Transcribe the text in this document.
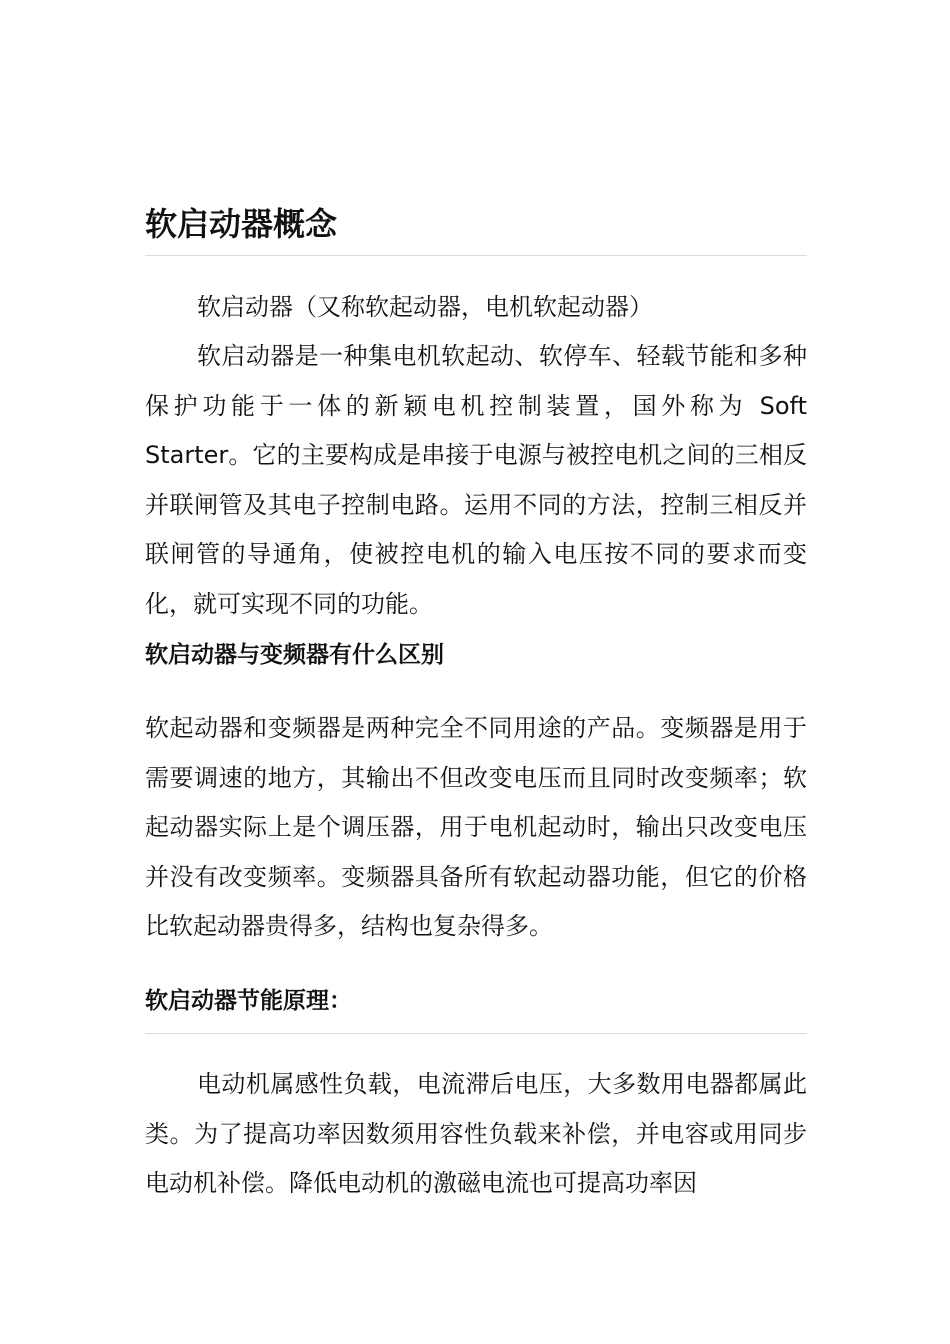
软启动器概念

软启动器（又称软起动器，电机软起动器）

软启动器是一种集电机软起动、软停车、轻载节能和多种保护功能于一体的新颖电机控制装置，国外称为 Soft Starter。它的主要构成是串接于电源与被控电机之间的三相反并联闸管及其电子控制电路。运用不同的方法，控制三相反并联闸管的导通角，使被控电机的输入电压按不同的要求而变化，就可实现不同的功能。

软启动器与变频器有什么区别

软起动器和变频器是两种完全不同用途的产品。变频器是用于需要调速的地方，其输出不但改变电压而且同时改变频率；软起动器实际上是个调压器，用于电机起动时，输出只改变电压并没有改变频率。变频器具备所有软起动器功能，但它的价格比软起动器贵得多，结构也复杂得多。

软启动器节能原理：

电动机属感性负载，电流滞后电压，大多数用电器都属此类。为了提高功率因数须用容性负载来补偿，并电容或用同步电动机补偿。降低电动机的激磁电流也可提高功率因
